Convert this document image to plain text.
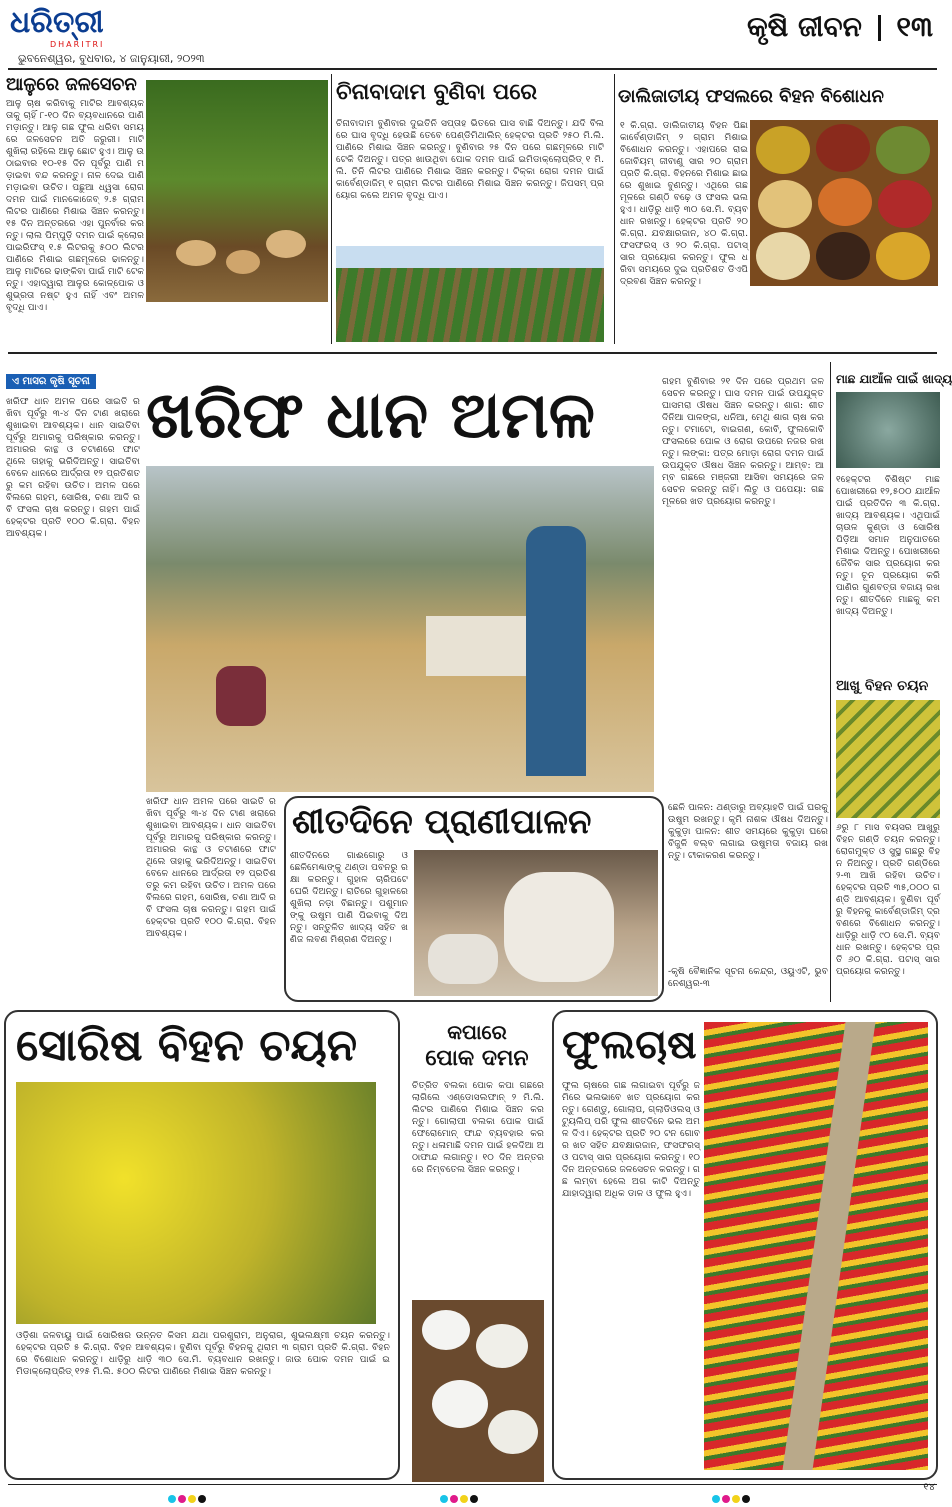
ଧରିତ୍ରୀ
DHARITRI
ଭୁବନେଶ୍ୱର, ବୁଧବାର, ୪ ଜାନୁୟାରୀ, ୨୦୨୩
କୃଷି ଜୀବନ ୧୩
ଆଳୁରେ ଜଳସେଚନ
ଆଳୁ ଚାଷ କରିବାକୁ ମାଟିର ଆବଶ୍ୟକତାକୁ ଚାହିଁ ୮-୧୦ ଦିନ ବ୍ୟବଧାନରେ ପାଣି ମଡ଼ାନ୍ତୁ। ଆଳୁ ଗଛ ଫୁଲ ଧରିବା ସମୟରେ ଜଳସେଚନ ଅତି ଜରୁରୀ। ମାଟି ଶୁଖିଲା ରହିଲେ ଆଳୁ ଛୋଟ ହୁଏ। ଆଳୁ ଉଠାଇବାର ୧୦-୧୫ ଦିନ ପୂର୍ବରୁ ପାଣି ମଡ଼ାଇବା ବନ୍ଦ କରନ୍ତୁ। ନାଳ ଦେଇ ପାଣି ମଡ଼ାଇବା ଉଚିତ। ପଛୁଆ ଧ୍ୱସା ରୋଗ ଦମନ ପାଇଁ ମାନକୋଜେବ୍ ୨.୫ ଗ୍ରାମ ଲିଟର ପାଣିରେ ମିଶାଇ ସିଞ୍ଚନ କରନ୍ତୁ। ୧୫ ଦିନ ଅନ୍ତରରେ ଏହା ପୁନର୍ବାର କରନ୍ତୁ। ଲାଲ ପିମ୍ପୁଡ଼ି ଦମନ ପାଇଁ କ୍ଲୋରପାଇରିଫସ୍ ୧.୫ ଲିଟରକୁ ୫୦୦ ଲିଟର ପାଣିରେ ମିଶାଇ ଗଛମୂଳରେ ଢାଳନ୍ତୁ। ଆଳୁ ମାଟିରେ ଢାଙ୍କିବା ପାଇଁ ମାଟି ଟେକନ୍ତୁ। ଏହାଦ୍ୱାରା ଆଳୁର କୋଳ୍ପୋକ ଓ ଶୁଭ୍ରତା ନଷ୍ଟ ହୁଏ ନାହିଁ ଏବଂ ଅମଳ ବୃଦ୍ଧି ପାଏ।
ଚିନାବାଦାମ ବୁଣିବା ପରେ
ଚିନାବାଦାମ ବୁଣିବାର ଦୁଇତିନି ସପ୍ତାହ ଭିତରେ ଘାସ ବାଛି ଦିଅନ୍ତୁ। ଯଦି ବିଲରେ ଘାସ ବୃଦ୍ଧି ହେଉଛି ତେବେ ପେଣ୍ଡିମିଥାଲିନ୍ ହେକ୍ଟର ପ୍ରତି ୨୫୦ ମି.ଲି. ପାଣିରେ ମିଶାଇ ସିଞ୍ଚନ କରନ୍ତୁ। ବୁଣିବାର ୨୫ ଦିନ ପରେ ଗଛମୂଳରେ ମାଟି ଟେକି ଦିଅନ୍ତୁ। ପତ୍ର ଖାଉଥିବା ପୋକ ଦମନ ପାଇଁ ଇମିଡାକ୍ଲୋପ୍ରିଡ୍ ୧ ମି.ଲି. ତିନି ଲିଟର ପାଣିରେ ମିଶାଇ ସିଞ୍ଚନ କରନ୍ତୁ। ଟିକ୍କା ରୋଗ ଦମନ ପାଇଁ କାର୍ବେଣ୍ଡାଜିମ୍ ୧ ଗ୍ରାମ ଲିଟର ପାଣିରେ ମିଶାଇ ସିଞ୍ଚନ କରନ୍ତୁ। ଜିପସମ୍ ପ୍ରୟୋଗ କଲେ ଅମଳ ବୃଦ୍ଧି ପାଏ।
ଡାଲିଜାତୀୟ ଫସଲରେ ବିହନ ବିଶୋଧନ
୧ କି.ଗ୍ରା. ଡାଲିଜାତୀୟ ବିହନ ପିଛା କାର୍ବେଣ୍ଡାଜିମ୍ ୨ ଗ୍ରାମ ମିଶାଇ ବିଶୋଧନ କରନ୍ତୁ। ଏହାପରେ ରାଇଜୋବିୟମ୍ ଜୀବାଣୁ ସାର ୨୦ ଗ୍ରାମ ପ୍ରତି କି.ଗ୍ରା. ବିହନରେ ମିଶାଇ ଛାଇରେ ଶୁଖାଇ ବୁଣନ୍ତୁ। ଏଥିରେ ଗଛମୂଳରେ ଗଣ୍ଠି ବଢ଼େ ଓ ଫସଲ ଭଲ ହୁଏ। ଧାଡ଼ିରୁ ଧାଡ଼ି ୩୦ ସେ.ମି. ବ୍ୟବଧାନ ରଖନ୍ତୁ। ହେକ୍ଟର ପ୍ରତି ୨୦ କି.ଗ୍ରା. ଯବକ୍ଷାରଜାନ, ୪୦ କି.ଗ୍ରା. ଫସଫରସ୍ ଓ ୨୦ କି.ଗ୍ରା. ପଟାସ୍ ସାର ପ୍ରୟୋଗ କରନ୍ତୁ। ଫୁଲ ଧରିବା ସମୟରେ ଦୁଇ ପ୍ରତିଶତ ଡିଏପି ଦ୍ରବଣ ସିଞ୍ଚନ କରନ୍ତୁ।
ଏ ମାସର କୃଷି ସୂଚନା ଖରିଫ ଧାନ ଅମଳ
ଖରିଫ ଧାନ ଅମଳ ପରେ ସାଇତି ରଖିବା ପୂର୍ବରୁ ୩-୪ ଦିନ ଟାଣ ଖରାରେ ଶୁଖାଇବା ଆବଶ୍ୟକ। ଧାନ ସାଇତିବା ପୂର୍ବରୁ ଅମାରକୁ ପରିଷ୍କାର କରନ୍ତୁ। ଅମାରର କାନ୍ଥ ଓ ଚଟାଣରେ ଫାଟ ଥିଲେ ତାହାକୁ ଭରିଦିଅନ୍ତୁ। ସାଇତିବା ବେଳେ ଧାନରେ ଆର୍ଦ୍ରତା ୧୨ ପ୍ରତିଶତରୁ କମ ରହିବା ଉଚିତ। ଅମଳ ପରେ ବିଲରେ ଗହମ, ସୋରିଷ, ଚଣା ଆଦି ରବି ଫସଲ ଚାଷ କରନ୍ତୁ। ଗହମ ପାଇଁ ହେକ୍ଟର ପ୍ରତି ୧୦୦ କି.ଗ୍ରା. ବିହନ ଆବଶ୍ୟକ।
ଗହମ ବୁଣିବାର ୨୧ ଦିନ ପରେ ପ୍ରଥମ ଜଳସେଚନ କରନ୍ତୁ। ଘାସ ଦମନ ପାଇଁ ଉପଯୁକ୍ତ ଘାସମରା ଔଷଧ ସିଞ୍ଚନ କରନ୍ତୁ। ଶାଗ: ଶୀତଦିନିଆ ପାଳଙ୍ଗ, ଧନିଆ, ମେଥି ଶାଗ ଚାଷ କରନ୍ତୁ। ଟମାଟୋ, ବାଇଗଣ, କୋବି, ଫୁଲକୋବି ଫସଲରେ ପୋକ ଓ ରୋଗ ଉପରେ ନଜର ରଖନ୍ତୁ। ଲଙ୍କା: ପତ୍ର ମୋଡ଼ା ରୋଗ ଦମନ ପାଇଁ ଉପଯୁକ୍ତ ଔଷଧ ସିଞ୍ଚନ କରନ୍ତୁ। ଆମ୍ବ: ଆମ୍ବ ଗଛରେ ମଞ୍ଜରୀ ଆସିବା ସମୟରେ ଜଳସେଚନ କରନ୍ତୁ ନାହିଁ। ଲିଚୁ ଓ ପପେୟା: ଗଛମୂଳରେ ଖତ ପ୍ରୟୋଗ କରନ୍ତୁ।
ମାଛ ଯାଆଁଳ ପାଇଁ ଖାଦ୍ୟ
୧ହେକ୍ଟର ବିଶିଷ୍ଟ ମାଛ ପୋଖରୀରେ ୧୨,୫୦୦ ଯାଆଁଳ ପାଇଁ ପ୍ରତିଦିନ ୩ କି.ଗ୍ରା. ଖାଦ୍ୟ ଆବଶ୍ୟକ। ଏଥିପାଇଁ ଚାଉଳ କୁଣ୍ଡା ଓ ସୋରିଷ ପିଡ଼ିଆ ସମାନ ଅନୁପାତରେ ମିଶାଇ ଦିଅନ୍ତୁ। ପୋଖରୀରେ ଜୈବିକ ସାର ପ୍ରୟୋଗ କରନ୍ତୁ। ଚୂନ ପ୍ରୟୋଗ କରି ପାଣିର ଗୁଣବତ୍ତା ବଜାୟ ରଖନ୍ତୁ। ଶୀତଦିନେ ମାଛକୁ କମ ଖାଦ୍ୟ ଦିଅନ୍ତୁ।
ଆଖୁ ବିହନ ଚୟନ
୬ରୁ ୮ ମାସ ବୟସର ଆଖୁରୁ ବିହନ ଗଣ୍ଡି ଚୟନ କରନ୍ତୁ। ରୋଗମୁକ୍ତ ଓ ସୁସ୍ଥ ଗଛରୁ ବିହନ ନିଅନ୍ତୁ। ପ୍ରତି ଗଣ୍ଡିରେ ୨-୩ ଆଖି ରହିବା ଉଚିତ। ହେକ୍ଟର ପ୍ରତି ୩୫,୦୦୦ ଗଣ୍ଡି ଆବଶ୍ୟକ। ବୁଣିବା ପୂର୍ବରୁ ବିହନକୁ କାର୍ବେଣ୍ଡାଜିମ୍ ଦ୍ରବଣରେ ବିଶୋଧନ କରନ୍ତୁ। ଧାଡ଼ିରୁ ଧାଡ଼ି ୯୦ ସେ.ମି. ବ୍ୟବଧାନ ରଖନ୍ତୁ। ହେକ୍ଟର ପ୍ରତି ୬୦ କି.ଗ୍ରା. ପଟାସ୍ ସାର ପ୍ରୟୋଗ କରନ୍ତୁ।
ଖରିଫ ଧାନ ଅମଳ ପରେ ସାଇତି ରଖିବା ପୂର୍ବରୁ ୩-୪ ଦିନ ଟାଣ ଖରାରେ ଶୁଖାଇବା ଆବଶ୍ୟକ। ଧାନ ସାଇତିବା ପୂର୍ବରୁ ଅମାରକୁ ପରିଷ୍କାର କରନ୍ତୁ। ଅମାରର କାନ୍ଥ ଓ ଚଟାଣରେ ଫାଟ ଥିଲେ ତାହାକୁ ଭରିଦିଅନ୍ତୁ। ସାଇତିବା ବେଳେ ଧାନରେ ଆର୍ଦ୍ରତା ୧୨ ପ୍ରତିଶତରୁ କମ ରହିବା ଉଚିତ। ଅମଳ ପରେ ବିଲରେ ଗହମ, ସୋରିଷ, ଚଣା ଆଦି ରବି ଫସଲ ଚାଷ କରନ୍ତୁ। ଗହମ ପାଇଁ ହେକ୍ଟର ପ୍ରତି ୧୦୦ କି.ଗ୍ରା. ବିହନ ଆବଶ୍ୟକ।
ଶୀତଦିନେ ପ୍ରାଣୀପାଳନ
ଶୀତଦିନରେ ଗାଈଗୋରୁ ଓ ଛେଳିମେଣ୍ଢାଙ୍କୁ ଥଣ୍ଡା ପବନରୁ ରକ୍ଷା କରନ୍ତୁ। ଗୁହାଳ ଚାରିପଟେ ଘେରି ଦିଅନ୍ତୁ। ରାତିରେ ଗୁହାଳରେ ଶୁଖିଲା ନଡ଼ା ବିଛାନ୍ତୁ। ପଶୁମାନଙ୍କୁ ଉଷୁମ ପାଣି ପିଇବାକୁ ଦିଅନ୍ତୁ। ସନ୍ତୁଳିତ ଖାଦ୍ୟ ସହିତ ଖଣିଜ ଲବଣ ମିଶ୍ରଣ ଦିଅନ୍ତୁ।
ଛେଳି ପାଳନ: ଥଣ୍ଡାରୁ ଅବ୍ୟାହତି ପାଇଁ ଘରକୁ ଉଷୁମ ରଖନ୍ତୁ। କୃମି ନାଶକ ଔଷଧ ଦିଅନ୍ତୁ। କୁକୁଡ଼ା ପାଳନ: ଶୀତ ସମୟରେ କୁକୁଡ଼ା ଘରେ ବିଜୁଳି ବଲ୍ବ ଲଗାଇ ଉଷୁମତା ବଜାୟ ରଖନ୍ତୁ। ଟୀକାକରଣ କରନ୍ତୁ।
-କୃଷି ବୈଜ୍ଞାନିକ ସୂଚନା କେନ୍ଦ୍ର, ଓୟୁଏଟି, ଭୁବନେଶ୍ୱର-୩
ସୋରିଷ ବିହନ ଚୟନ
ଓଡ଼ିଶା ଜଳବାୟୁ ପାଇଁ ସୋରିଷର ଉନ୍ନତ କିସମ ଯଥା ପରଶୁରାମ, ଅନୁରାଗ, ଶୁଭଲକ୍ଷ୍ମୀ ଚୟନ କରନ୍ତୁ। ହେକ୍ଟର ପ୍ରତି ୫ କି.ଗ୍ରା. ବିହନ ଆବଶ୍ୟକ। ବୁଣିବା ପୂର୍ବରୁ ବିହନକୁ ଥିରାମ ୩ ଗ୍ରାମ ପ୍ରତି କି.ଗ୍ରା. ବିହନରେ ବିଶୋଧନ କରନ୍ତୁ। ଧାଡ଼ିରୁ ଧାଡ଼ି ୩୦ ସେ.ମି. ବ୍ୟବଧାନ ରଖନ୍ତୁ। ଜାଉ ପୋକ ଦମନ ପାଇଁ ଇମିଡାକ୍ଲୋପ୍ରିଡ୍ ୧୨୫ ମି.ଲି. ୫୦୦ ଲିଟର ପାଣିରେ ମିଶାଇ ସିଞ୍ଚନ କରନ୍ତୁ।
କପାରେ
ପୋକ ଦମନ
ଚିତ୍ରିତ ବଲକା ପୋକ କପା ଗଛରେ ଲାଗିଲେ ଏଣ୍ଡୋସଲଫାନ୍ ୨ ମି.ଲି. ଲିଟର ପାଣିରେ ମିଶାଇ ସିଞ୍ଚନ କରନ୍ତୁ। ଗୋଲାପୀ ବଲକା ପୋକ ପାଇଁ ଫେରୋମୋନ୍ ଫାନ୍ଦ ବ୍ୟବହାର କରନ୍ତୁ। ଧଳାମାଛି ଦମନ ପାଇଁ ହଳଦିଆ ଅଠାଫାନ୍ଦ ଲଗାନ୍ତୁ। ୧୦ ଦିନ ଅନ୍ତରରେ ନିମ୍ବତେଲ ସିଞ୍ଚନ କରନ୍ତୁ।
ଫୁଲଚାଷ
ଫୁଲ ଚାଷରେ ଗଛ ଲଗାଇବା ପୂର୍ବରୁ ଜମିରେ ଭଲଭାବେ ଖତ ପ୍ରୟୋଗ କରନ୍ତୁ। ଗେଣ୍ଡୁ, ଗୋଲାପ, ଗ୍ଲାଡିଓଲସ୍ ଓ ଟ୍ୟୁଲିପ୍ ପରି ଫୁଲ ଶୀତଦିନେ ଭଲ ଅମଳ ଦିଏ। ହେକ୍ଟର ପ୍ରତି ୨୦ ଟନ ଗୋବର ଖତ ସହିତ ଯବକ୍ଷାରଜାନ, ଫସଫରସ୍ ଓ ପଟାସ୍ ସାର ପ୍ରୟୋଗ କରନ୍ତୁ। ୧୦ ଦିନ ଅନ୍ତରରେ ଜଳସେଚନ କରନ୍ତୁ। ଗଛ ଲମ୍ବା ହେଲେ ଅଗ କାଟି ଦିଅନ୍ତୁ ଯାହାଦ୍ୱାରା ଅଧିକ ଡାଳ ଓ ଫୁଲ ହୁଏ।
୧୪
